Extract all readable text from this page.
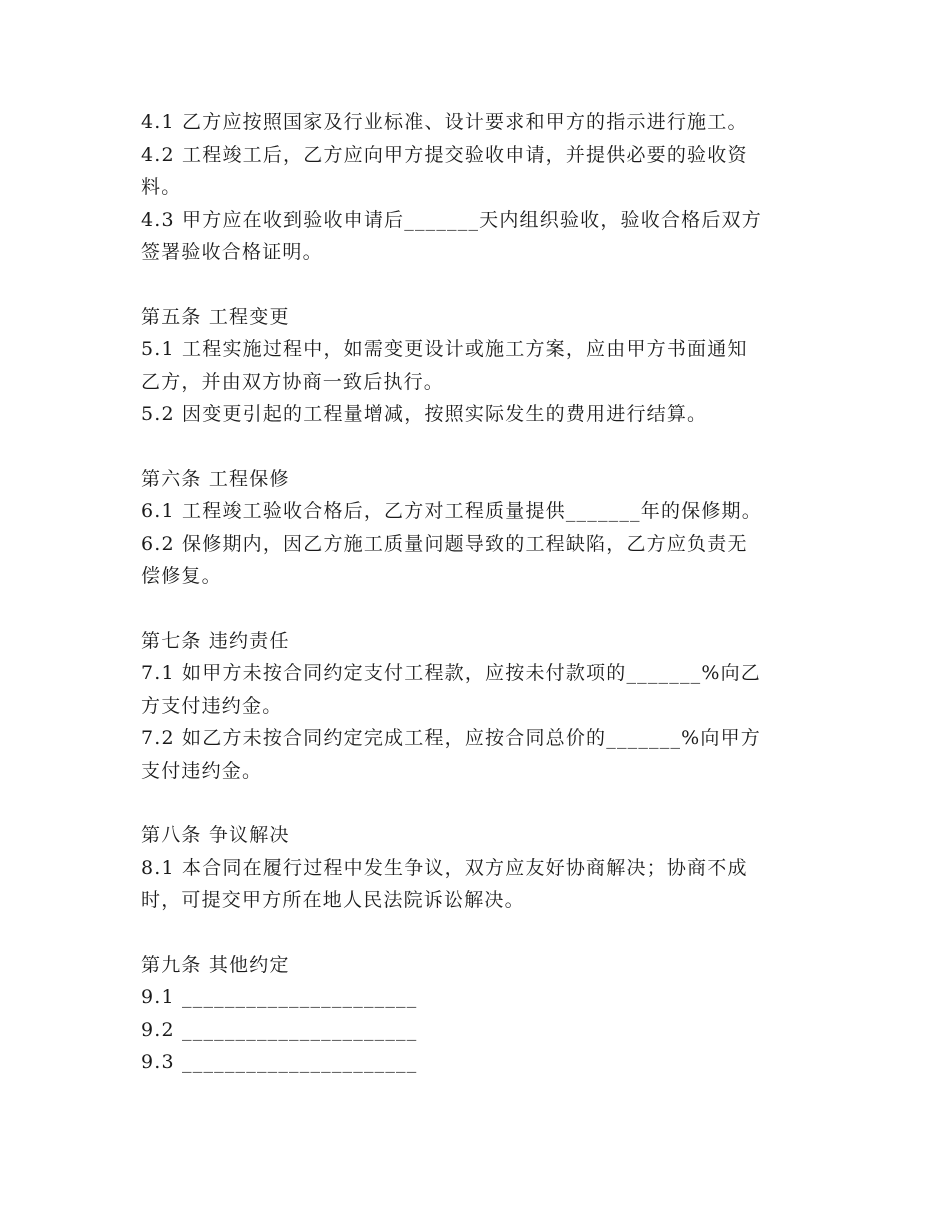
4.1 乙方应按照国家及行业标准、设计要求和甲方的指示进行施工。
4.2 工程竣工后，乙方应向甲方提交验收申请，并提供必要的验收资
料。
4.3 甲方应在收到验收申请后_______天内组织验收，验收合格后双方
签署验收合格证明。
第五条 工程变更
5.1 工程实施过程中，如需变更设计或施工方案，应由甲方书面通知
乙方，并由双方协商一致后执行。
5.2 因变更引起的工程量增减，按照实际发生的费用进行结算。
第六条 工程保修
6.1 工程竣工验收合格后，乙方对工程质量提供_______年的保修期。
6.2 保修期内，因乙方施工质量问题导致的工程缺陷，乙方应负责无
偿修复。
第七条 违约责任
7.1 如甲方未按合同约定支付工程款，应按未付款项的_______%向乙
方支付违约金。
7.2 如乙方未按合同约定完成工程，应按合同总价的_______%向甲方
支付违约金。
第八条 争议解决
8.1 本合同在履行过程中发生争议，双方应友好协商解决；协商不成
时，可提交甲方所在地人民法院诉讼解决。
第九条 其他约定
9.1 ______________________
9.2 ______________________
9.3 ______________________
